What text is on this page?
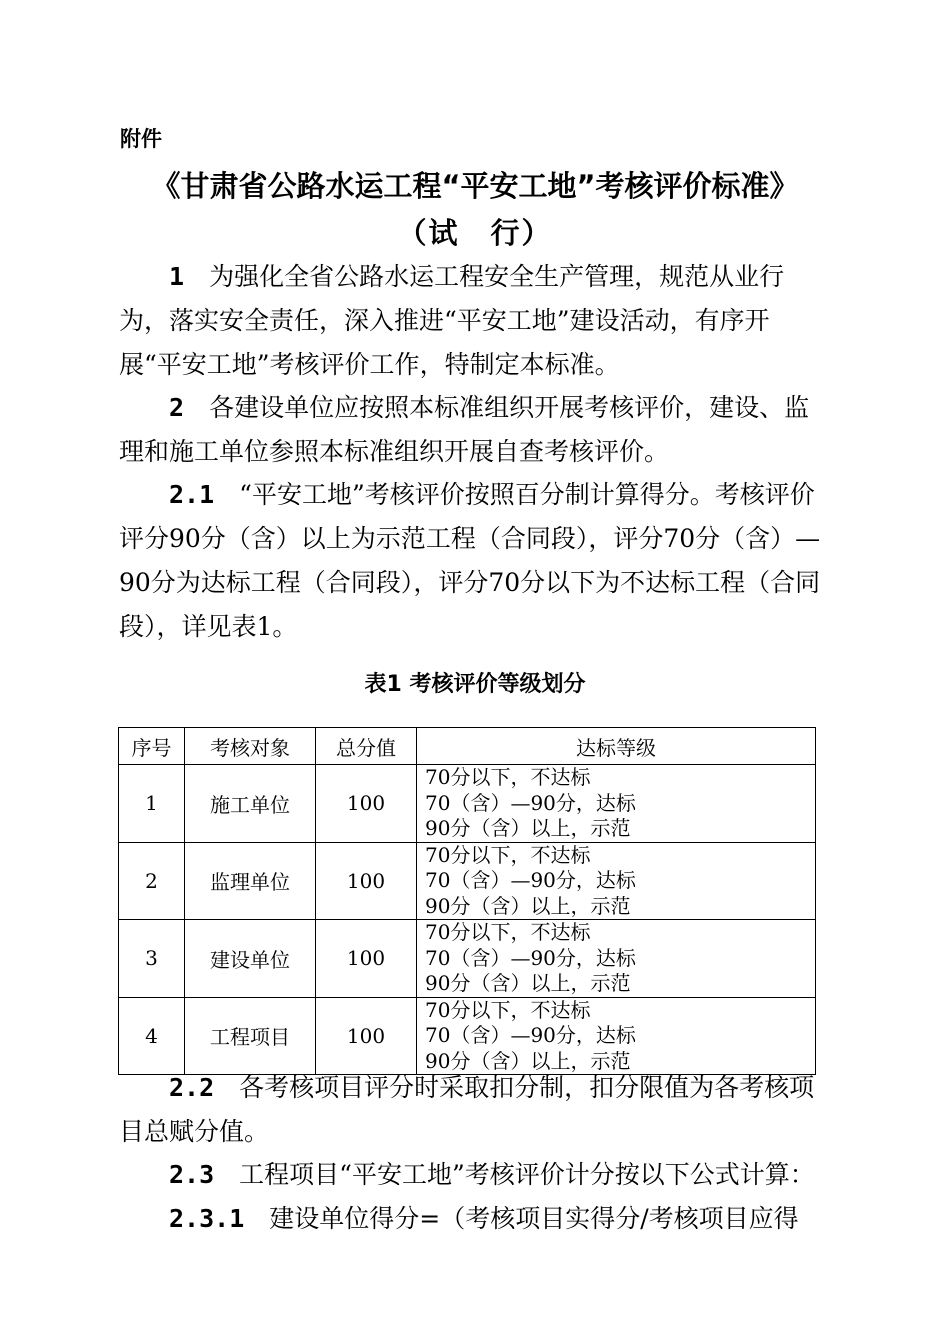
附件
《甘肃省公路水运工程“平安工地”考核评价标准》
（试　行）

1　 为强化全省公路水运工程安全生产管理，规范从业行为，落实安全责任，深入推进“平安工地”建设活动，有序开展“平安工地”考核评价工作，特制定本标准。

2　 各建设单位应按照本标准组织开展考核评价，建设、监理和施工单位参照本标准组织开展自查考核评价。

2.1　 “平安工地”考核评价按照百分制计算得分。考核评价评分90分（含）以上为示范工程（合同段），评分70分（含）—90分为达标工程（合同段），评分70分以下为不达标工程（合同段），详见表1。

表1 考核评价等级划分
序号	考核对象	总分值	达标等级
1	施工单位	100	70分以下，不达标
70（含）—90分，达标
90分（含）以上，示范

2	监理单位	100	70分以下，不达标
70（含）—90分，达标
90分（含）以上，示范

3	建设单位	100	70分以下，不达标
70（含）—90分，达标
90分（含）以上，示范

4	工程项目	100	70分以下，不达标
70（含）—90分，达标
90分（含）以上，示范

2.2　 各考核项目评分时采取扣分制，扣分限值为各考核项目总赋分值。

2.3　 工程项目“平安工地”考核评价计分按以下公式计算：

2.3.1　 建设单位得分=（考核项目实得分/考核项目应得
